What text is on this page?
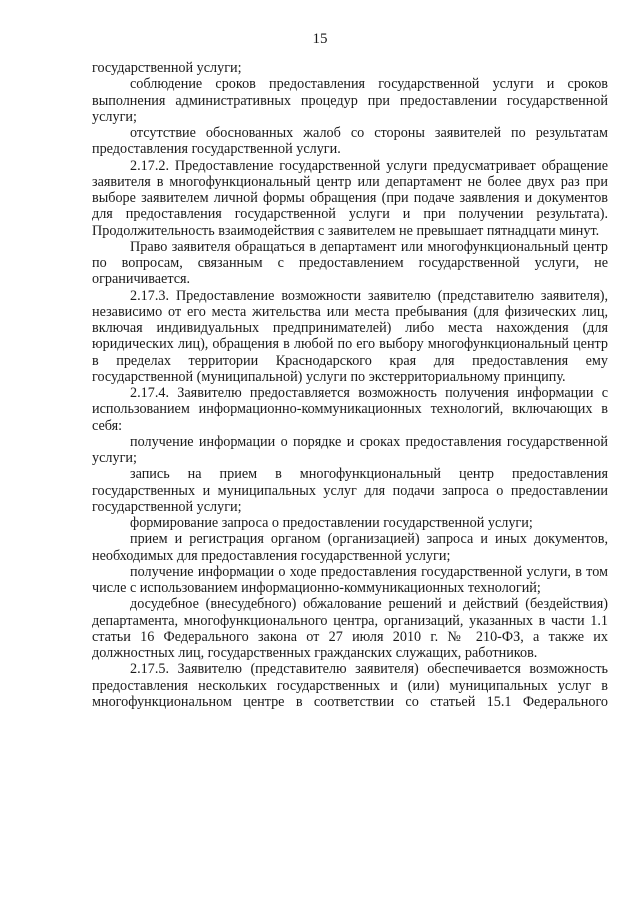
15

государственной услуги;

соблюдение сроков предоставления государственной услуги и сроков выполнения административных процедур при предоставлении государственной услуги;

отсутствие обоснованных жалоб со стороны заявителей по результатам предоставления государственной услуги.

2.17.2. Предоставление государственной услуги предусматривает обращение заявителя в многофункциональный центр или департамент не более двух раз при выборе заявителем личной формы обращения (при подаче заявления и документов для предоставления государственной услуги и при получении результата). Продолжительность взаимодействия с заявителем не превышает пятнадцати минут.

Право заявителя обращаться в департамент или многофункциональный центр по вопросам, связанным с предоставлением государственной услуги, не ограничивается.

2.17.3. Предоставление возможности заявителю (представителю заявителя), независимо от его места жительства или места пребывания (для физических лиц, включая индивидуальных предпринимателей) либо места нахождения (для юридических лиц), обращения в любой по его выбору многофункциональный центр в пределах территории Краснодарского края для предоставления ему государственной (муниципальной) услуги по экстерриториальному принципу.

2.17.4. Заявителю предоставляется возможность получения информации с использованием информационно-коммуникационных технологий, включающих в себя:

получение информации о порядке и сроках предоставления государственной услуги;

запись на прием в многофункциональный центр предоставления государственных и муниципальных услуг для подачи запроса о предоставлении государственной услуги;

формирование запроса о предоставлении государственной услуги;

прием и регистрация органом (организацией) запроса и иных документов, необходимых для предоставления государственной услуги;

получение информации о ходе предоставления государственной услуги, в том числе с использованием информационно-коммуникационных технологий;

досудебное (внесудебного) обжалование решений и действий (бездействия) департамента, многофункционального центра, организаций, указанных в части 1.1 статьи 16 Федерального закона от 27 июля 2010 г. № 210-ФЗ, а также их должностных лиц, государственных гражданских служащих, работников.

2.17.5. Заявителю (представителю заявителя) обеспечивается возможность предоставления нескольких государственных и (или) муниципальных услуг в многофункциональном центре в соответствии со статьей 15.1 Федерального
